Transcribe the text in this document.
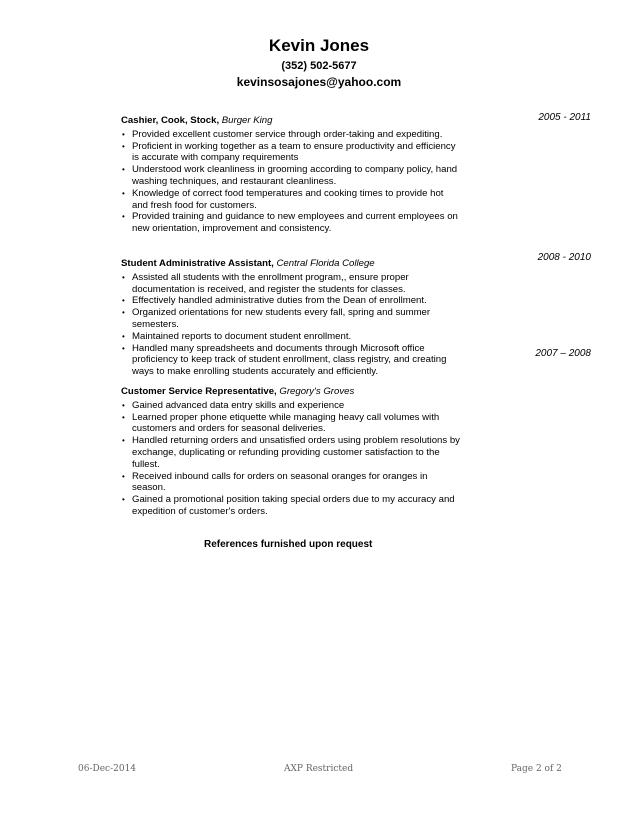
Kevin Jones
(352) 502-5677
kevinsosajones@yahoo.com
2005 - 2011
Cashier, Cook, Stock, Burger King
• Provided excellent customer service through order-taking and expediting.
• Proficient in working together as a team to ensure productivity and efficiency is accurate with company requirements
• Understood work cleanliness in grooming according to company policy, hand washing techniques, and restaurant cleanliness.
• Knowledge of correct food temperatures and cooking times to provide hot and fresh food for customers.
• Provided training and guidance to new employees and current employees on new orientation, improvement and consistency.
2008 - 2010
Student Administrative Assistant, Central Florida College
• Assisted all students with the enrollment program,, ensure proper documentation is received, and register the students for classes.
• Effectively handled administrative duties from the Dean of enrollment.
• Organized orientations for new students every fall, spring and summer semesters.
• Maintained reports to document student enrollment.
• Handled many spreadsheets and documents through Microsoft office proficiency to keep track of student enrollment, class registry, and creating ways to make enrolling students accurately and efficiently.
2007 – 2008
Customer Service Representative, Gregory's Groves
• Gained advanced data entry skills and experience
• Learned proper phone etiquette while managing heavy call volumes with customers and orders for seasonal deliveries.
• Handled returning orders and unsatisfied orders using problem resolutions by exchange, duplicating or refunding providing customer satisfaction to the fullest.
• Received inbound calls for orders on seasonal oranges for oranges in season.
• Gained a promotional position taking special orders due to my accuracy and expedition of customer's orders.
References furnished upon request
06-Dec-2014	AXP Restricted	Page 2 of 2
